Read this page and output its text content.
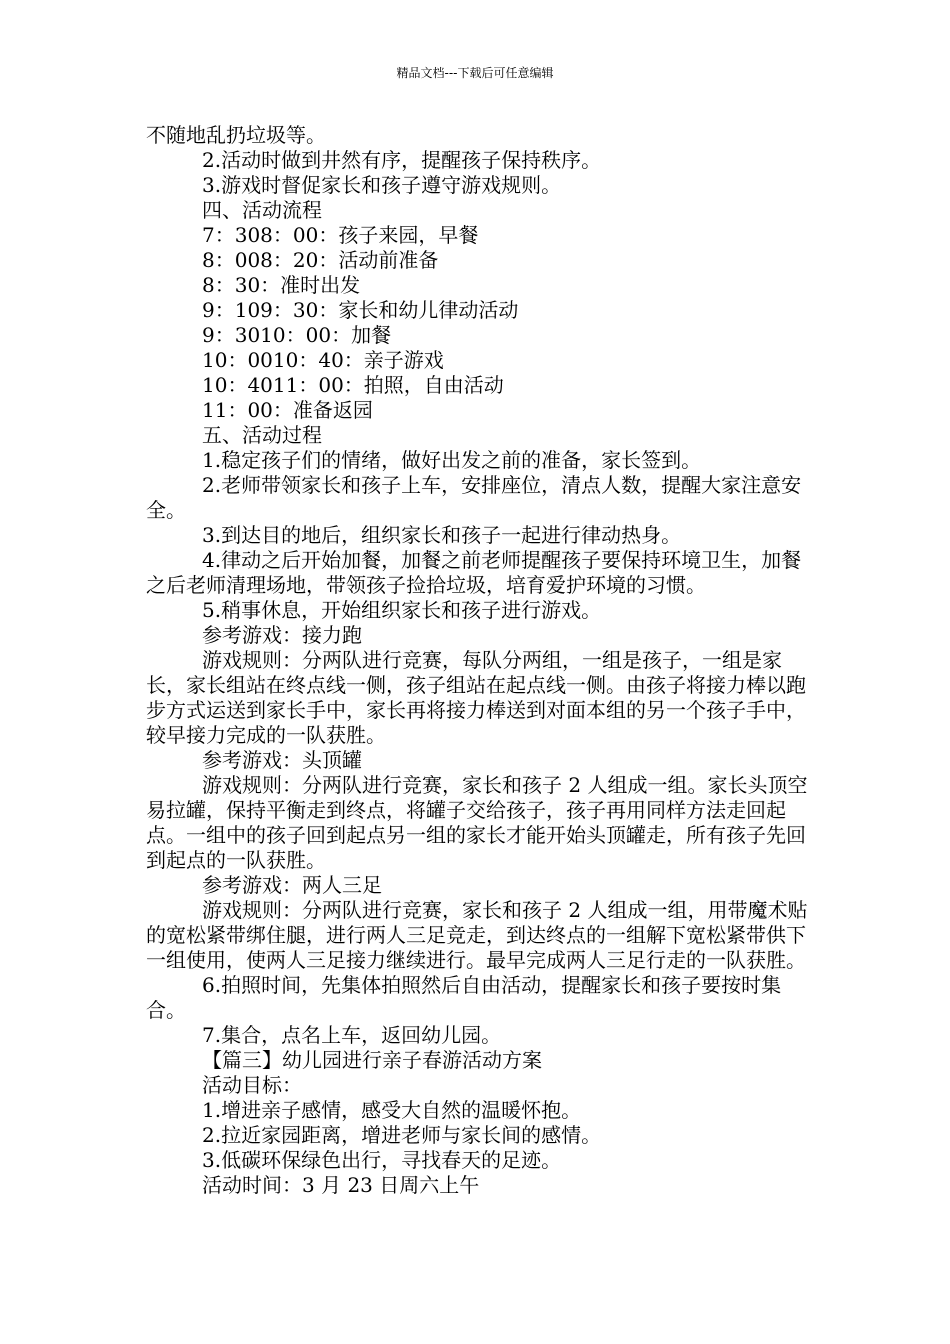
精品文档---下载后可任意编辑

不随地乱扔垃圾等。

2.活动时做到井然有序，提醒孩子保持秩序。

3.游戏时督促家长和孩子遵守游戏规则。

四、活动流程

7：308：00：孩子来园，早餐

8：008：20：活动前准备

8：30：准时出发

9：109：30：家长和幼儿律动活动

9：3010：00：加餐

10：0010：40：亲子游戏

10：4011：00：拍照，自由活动

11：00：准备返园

五、活动过程

1.稳定孩子们的情绪，做好出发之前的准备，家长签到。

2.老师带领家长和孩子上车，安排座位，清点人数，提醒大家注意安全。

3.到达目的地后，组织家长和孩子一起进行律动热身。

4.律动之后开始加餐，加餐之前老师提醒孩子要保持环境卫生，加餐之后老师清理场地，带领孩子捡拾垃圾，培育爱护环境的习惯。

5.稍事休息，开始组织家长和孩子进行游戏。

参考游戏：接力跑

游戏规则：分两队进行竞赛，每队分两组，一组是孩子，一组是家长，家长组站在终点线一侧，孩子组站在起点线一侧。由孩子将接力棒以跑步方式运送到家长手中，家长再将接力棒送到对面本组的另一个孩子手中，较早接力完成的一队获胜。

参考游戏：头顶罐

游戏规则：分两队进行竞赛，家长和孩子 2 人组成一组。家长头顶空易拉罐，保持平衡走到终点，将罐子交给孩子，孩子再用同样方法走回起点。一组中的孩子回到起点另一组的家长才能开始头顶罐走，所有孩子先回到起点的一队获胜。

参考游戏：两人三足

游戏规则：分两队进行竞赛，家长和孩子 2 人组成一组，用带魔术贴的宽松紧带绑住腿，进行两人三足竞走，到达终点的一组解下宽松紧带供下一组使用，使两人三足接力继续进行。最早完成两人三足行走的一队获胜。

6.拍照时间，先集体拍照然后自由活动，提醒家长和孩子要按时集合。

7.集合，点名上车，返回幼儿园。

【篇三】幼儿园进行亲子春游活动方案

活动目标：

1.增进亲子感情，感受大自然的温暖怀抱。

2.拉近家园距离，增进老师与家长间的感情。

3.低碳环保绿色出行，寻找春天的足迹。

活动时间：3 月 23 日周六上午
